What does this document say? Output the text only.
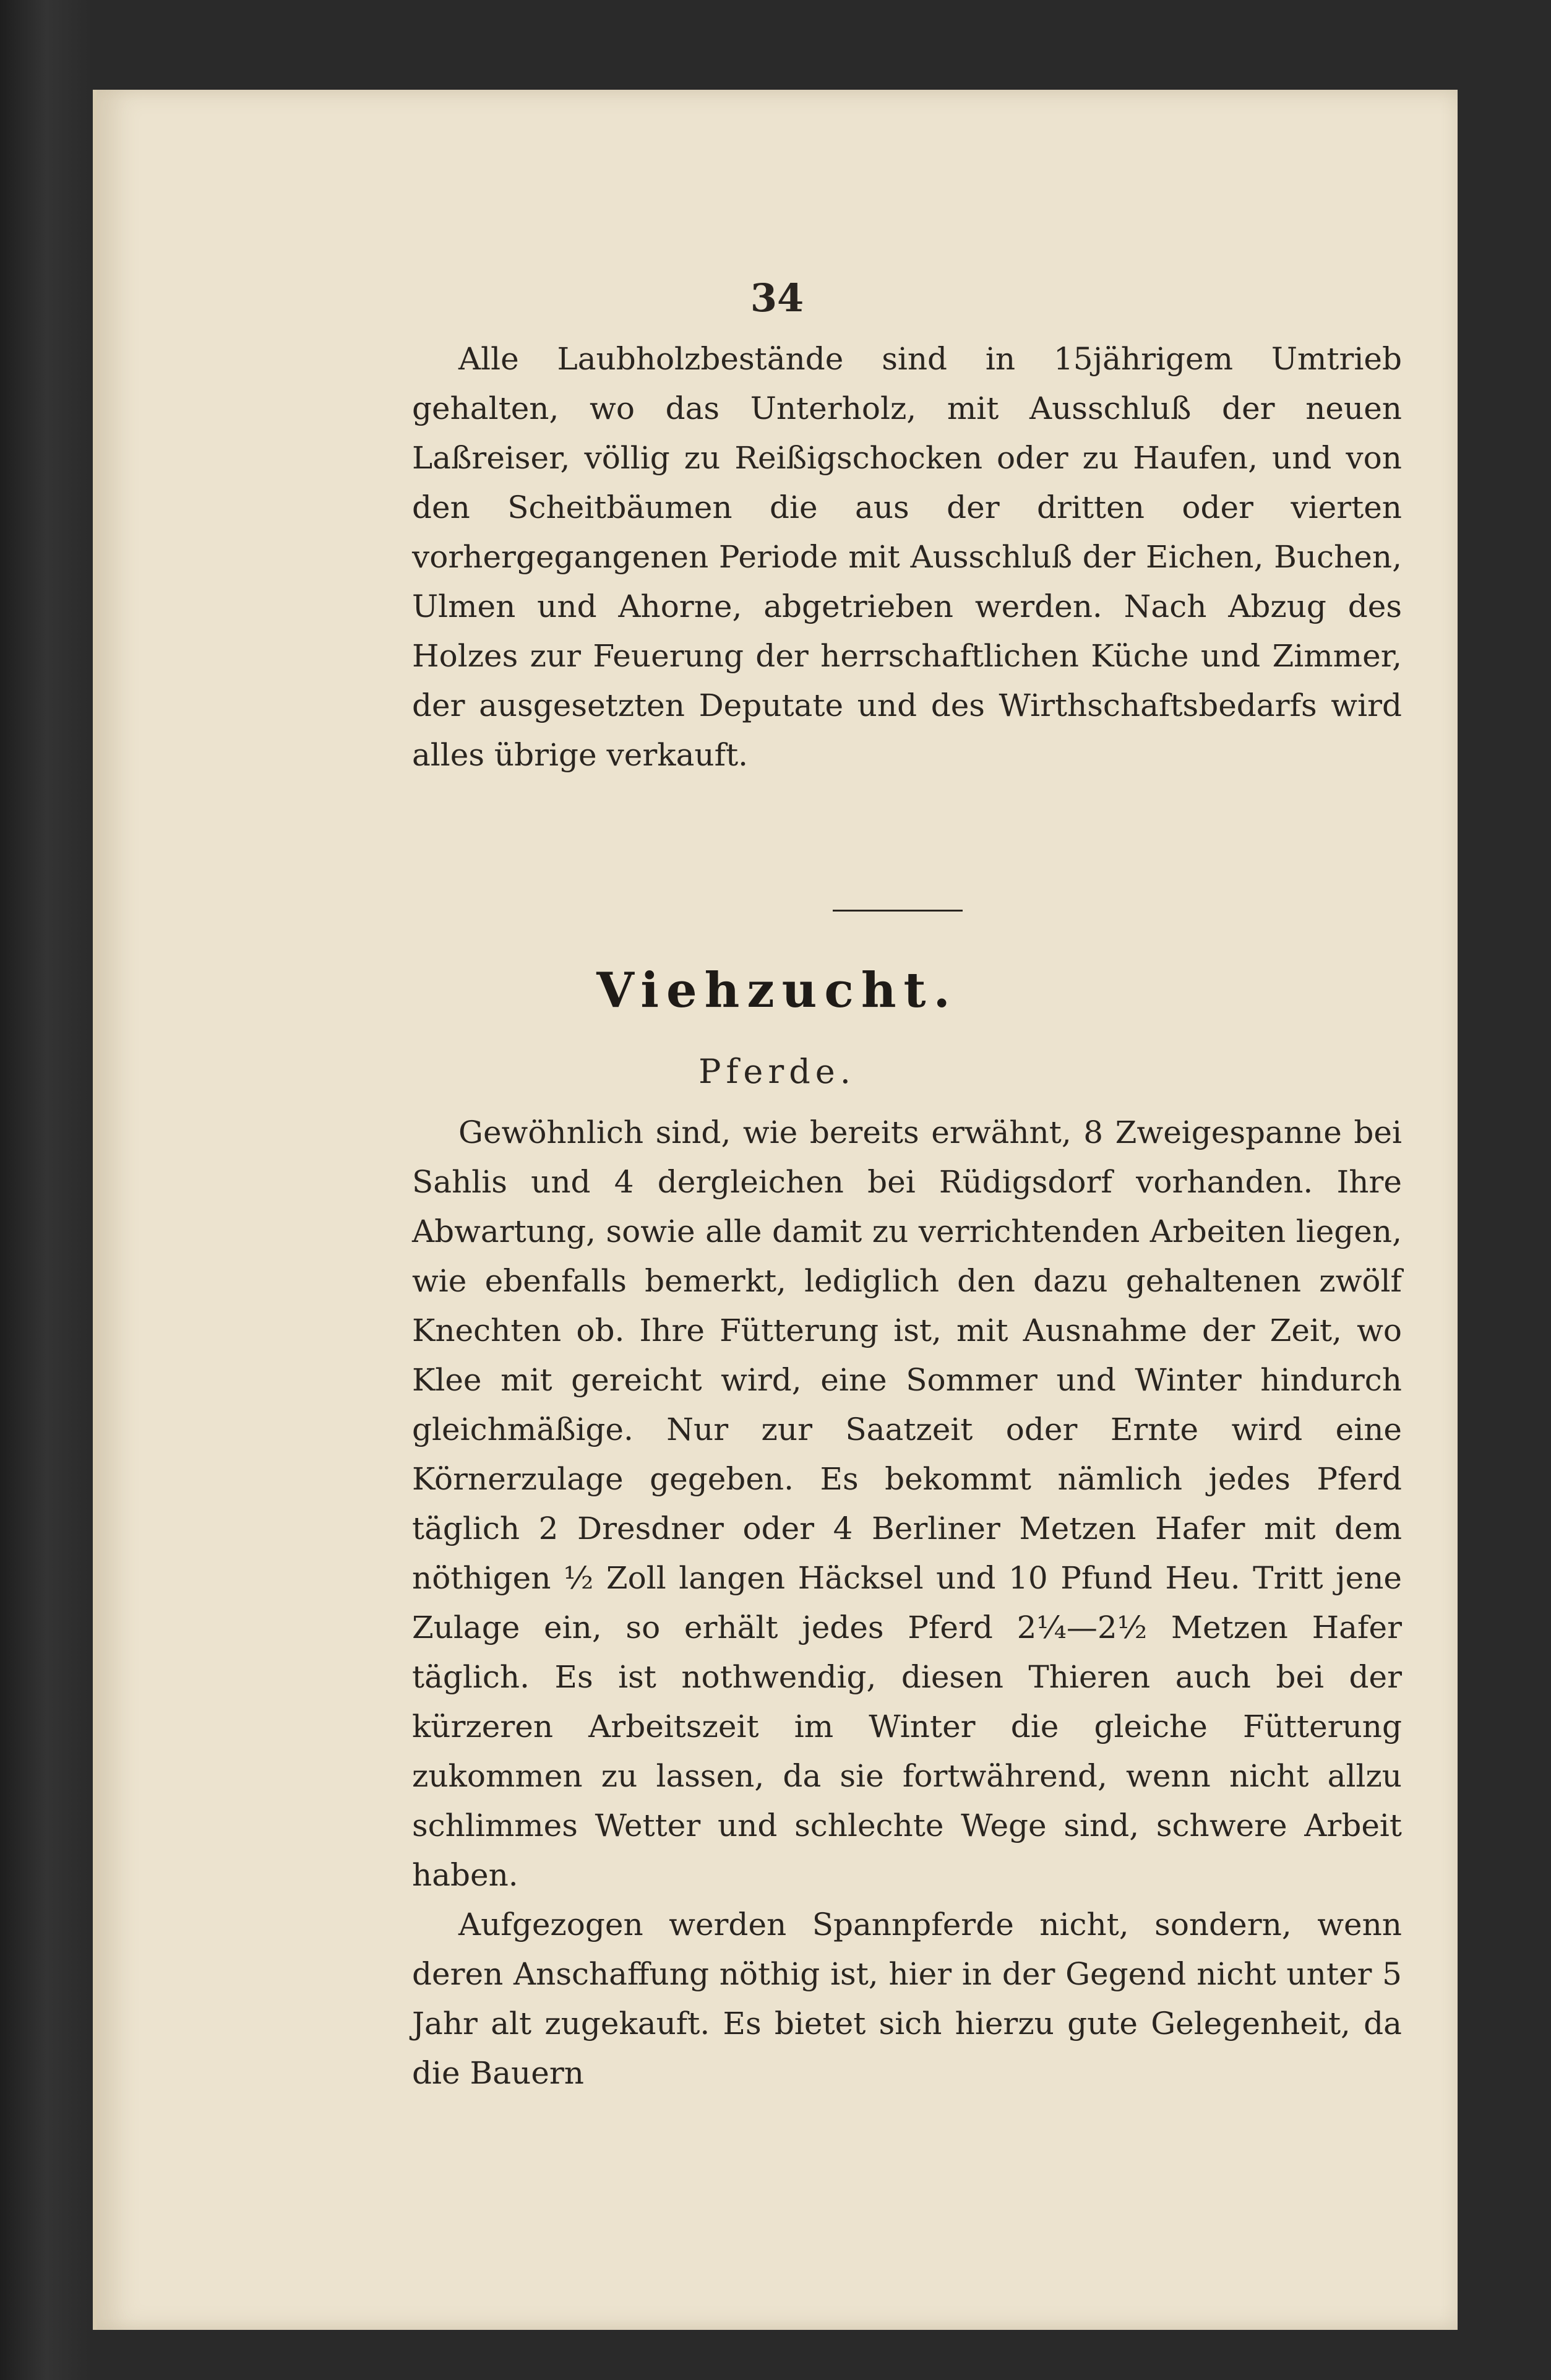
34

Alle Laubholzbestände sind in 15jährigem Umtrieb gehalten, wo das Unterholz, mit Ausschluß der neuen Laßreiser, völlig zu Reißigschocken oder zu Haufen, und von den Scheitbäumen die aus der dritten oder vierten vorhergegangenen Periode mit Ausschluß der Eichen, Buchen, Ulmen und Ahorne, abgetrieben werden. Nach Abzug des Holzes zur Feuerung der herrschaftlichen Küche und Zimmer, der ausgesetzten Deputate und des Wirthschaftsbedarfs wird alles übrige verkauft.

Viehzucht.
Pferde.

Gewöhnlich sind, wie bereits erwähnt, 8 Zweigespanne bei Sahlis und 4 dergleichen bei Rüdigsdorf vorhanden. Ihre Abwartung, sowie alle damit zu verrichtenden Arbeiten liegen, wie ebenfalls bemerkt, lediglich den dazu gehaltenen zwölf Knechten ob. Ihre Fütterung ist, mit Ausnahme der Zeit, wo Klee mit gereicht wird, eine Sommer und Winter hindurch gleichmäßige. Nur zur Saatzeit oder Ernte wird eine Körnerzulage gegeben. Es bekommt nämlich jedes Pferd täglich 2 Dresdner oder 4 Berliner Metzen Hafer mit dem nöthigen ½ Zoll langen Häcksel und 10 Pfund Heu. Tritt jene Zulage ein, so erhält jedes Pferd 2¼—2½ Metzen Hafer täglich. Es ist nothwendig, diesen Thieren auch bei der kürzeren Arbeitszeit im Winter die gleiche Fütterung zukommen zu lassen, da sie fortwährend, wenn nicht allzu schlimmes Wetter und schlechte Wege sind, schwere Arbeit haben.

Aufgezogen werden Spannpferde nicht, sondern, wenn deren Anschaffung nöthig ist, hier in der Gegend nicht unter 5 Jahr alt zugekauft. Es bietet sich hierzu gute Gelegenheit, da die Bauern
